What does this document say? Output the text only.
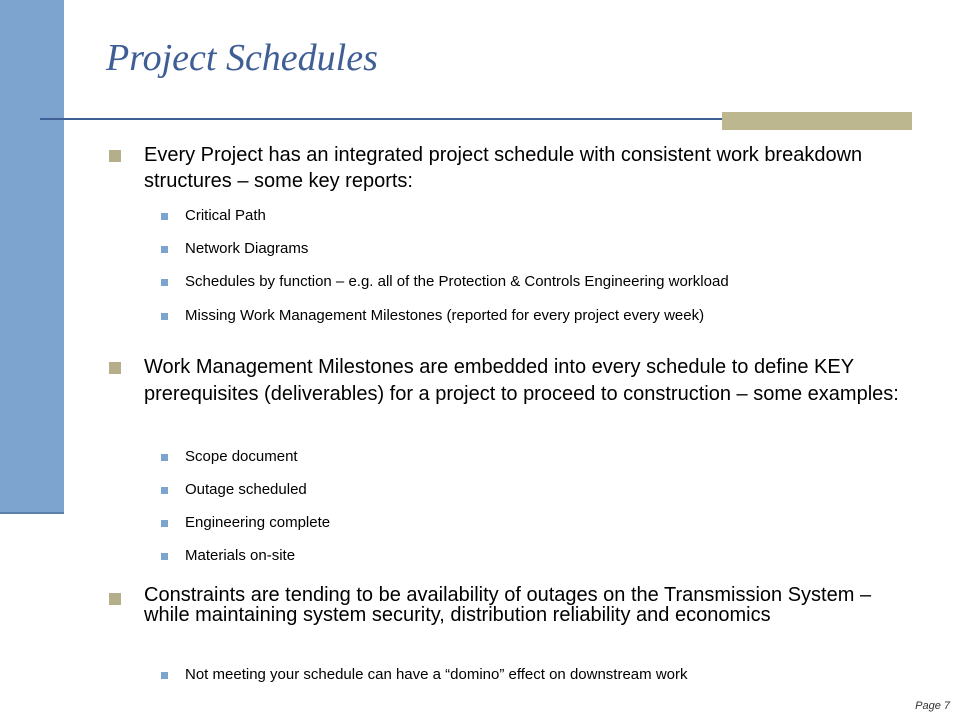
Project Schedules
Every Project has an integrated project schedule with consistent work breakdown structures – some key reports:
Critical Path
Network Diagrams
Schedules by function – e.g. all of the Protection & Controls Engineering workload
Missing Work Management Milestones (reported for every project every week)
Work Management Milestones are embedded into every schedule to define KEY prerequisites (deliverables) for a project to proceed to construction – some examples:
Scope document
Outage scheduled
Engineering complete
Materials on-site
Constraints are tending to be availability of outages on the Transmission System – while maintaining system security, distribution reliability and economics
Not meeting your schedule can have a “domino” effect on downstream work
Page 7
